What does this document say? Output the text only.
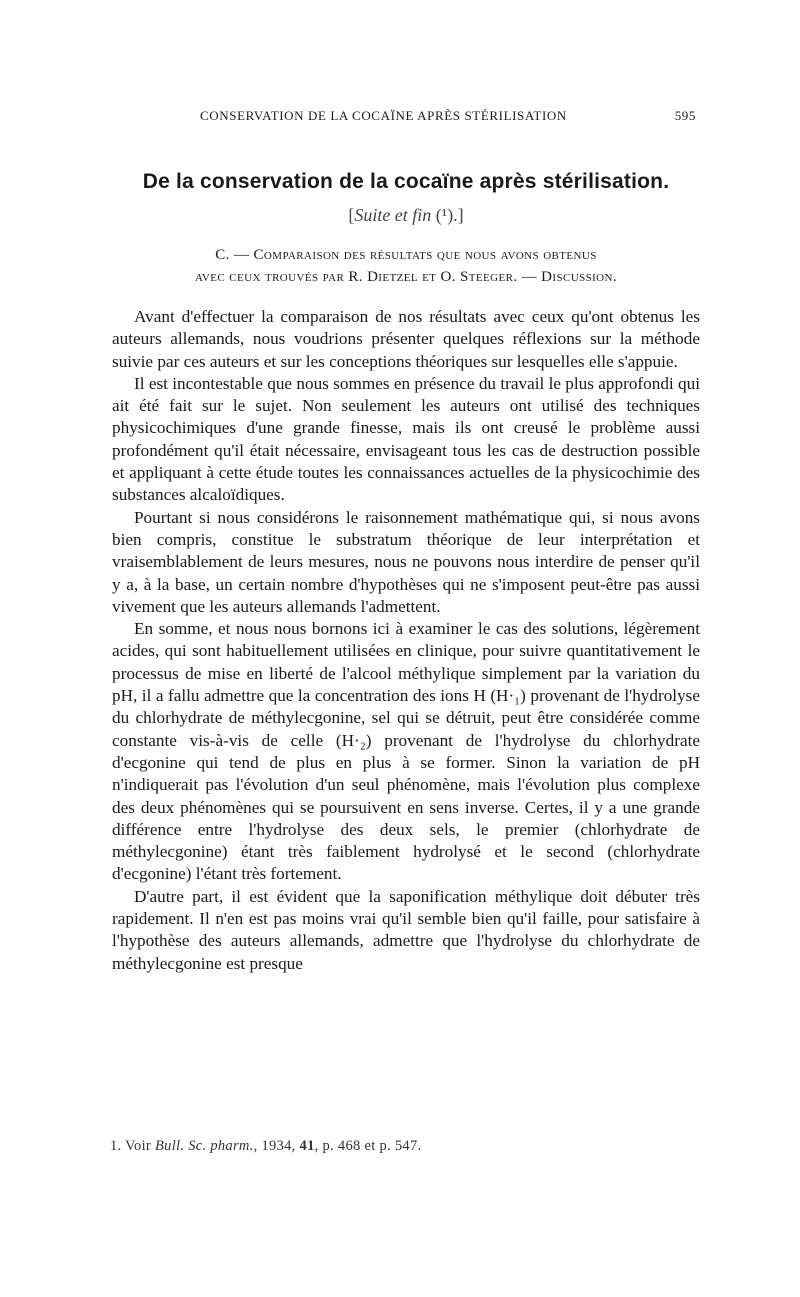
CONSERVATION DE LA COCAÏNE APRÈS STÉRILISATION	595
De la conservation de la cocaïne après stérilisation.
[Suite et fin (¹).]
C. — Comparaison des résultats que nous avons obtenus
avec ceux trouvés par R. Dietzel et O. Steeger. — Discussion.

Avant d'effectuer la comparaison de nos résultats avec ceux qu'ont obtenus les auteurs allemands, nous voudrions présenter quelques réflexions sur la méthode suivie par ces auteurs et sur les conceptions théoriques sur lesquelles elle s'appuie.

Il est incontestable que nous sommes en présence du travail le plus approfondi qui ait été fait sur le sujet. Non seulement les auteurs ont utilisé des techniques physicochimiques d'une grande finesse, mais ils ont creusé le problème aussi profondément qu'il était nécessaire, envisageant tous les cas de destruction possible et appliquant à cette étude toutes les connaissances actuelles de la physicochimie des substances alcaloïdiques.

Pourtant si nous considérons le raisonnement mathématique qui, si nous avons bien compris, constitue le substratum théorique de leur interprétation et vraisemblablement de leurs mesures, nous ne pouvons nous interdire de penser qu'il y a, à la base, un certain nombre d'hypothèses qui ne s'imposent peut-être pas aussi vivement que les auteurs allemands l'admettent.

En somme, et nous nous bornons ici à examiner le cas des solutions, légèrement acides, qui sont habituellement utilisées en clinique, pour suivre quantitativement le processus de mise en liberté de l'alcool méthylique simplement par la variation du pH, il a fallu admettre que la concentration des ions H (H·₁) provenant de l'hydrolyse du chlorhydrate de méthylecgonine, sel qui se détruit, peut être considérée comme constante vis-à-vis de celle (H·₂) provenant de l'hydrolyse du chlorhydrate d'ecgonine qui tend de plus en plus à se former. Sinon la variation de pH n'indiquerait pas l'évolution d'un seul phénomène, mais l'évolution plus complexe des deux phénomènes qui se poursuivent en sens inverse. Certes, il y a une grande différence entre l'hydrolyse des deux sels, le premier (chlorhydrate de méthylecgonine) étant très faiblement hydrolysé et le second (chlorhydrate d'ecgonine) l'étant très fortement.

D'autre part, il est évident que la saponification méthylique doit débuter très rapidement. Il n'en est pas moins vrai qu'il semble bien qu'il faille, pour satisfaire à l'hypothèse des auteurs allemands, admettre que l'hydrolyse du chlorhydrate de méthylecgonine est presque

1. Voir Bull. Sc. pharm., 1934, 41, p. 468 et p. 547.
